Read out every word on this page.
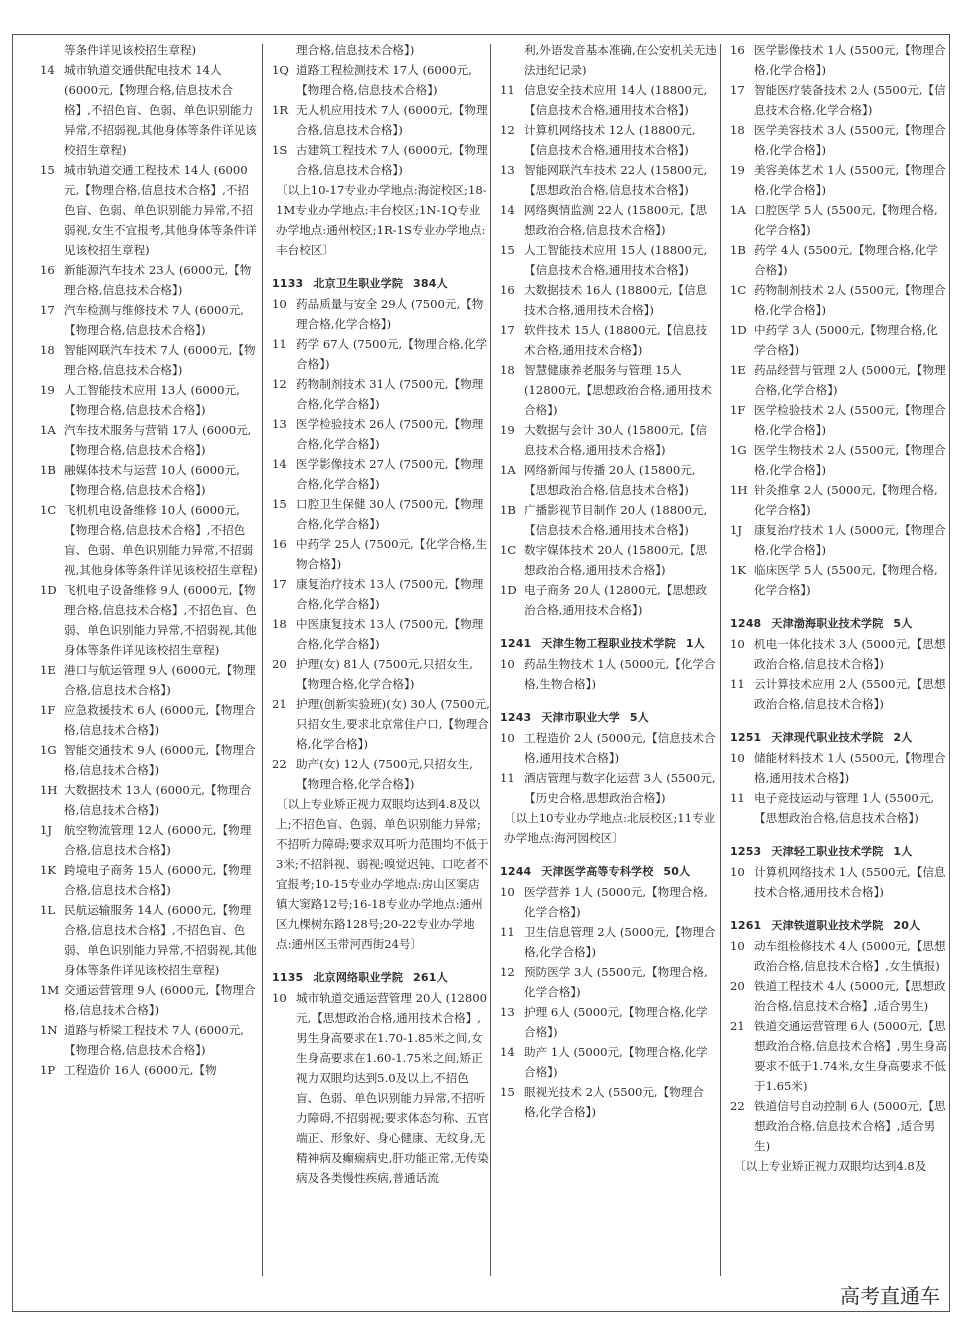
等条件详见该校招生章程)
14 城市轨道交通供配电技术 14人 (6000元,【物理合格,信息技术合格】,不招色盲、色弱、单色识别能力异常,不招弱视,其他身体等条件详见该校招生章程)
15 城市轨道交通工程技术 14人 (6000元,【物理合格,信息技术合格】,不招色盲、色弱、单色识别能力异常,不招弱视,女生不宜报考,其他身体等条件详见该校招生章程)
16 新能源汽车技术 23人 (6000元,【物理合格,信息技术合格】)
17 汽车检测与维修技术 7人 (6000元,【物理合格,信息技术合格】)
18 智能网联汽车技术 7人 (6000元,【物理合格,信息技术合格】)
19 人工智能技术应用 13人 (6000元,【物理合格,信息技术合格】)
1A 汽车技术服务与营销 17人 (6000元,【物理合格,信息技术合格】)
1B 融媒体技术与运营 10人 (6000元,【物理合格,信息技术合格】)
1C 飞机机电设备维修 10人 (6000元,【物理合格,信息技术合格】,不招色盲、色弱、单色识别能力异常,不招弱视,其他身体等条件详见该校招生章程)
1D 飞机电子设备维修 9人 (6000元,【物理合格,信息技术合格】,不招色盲、色弱、单色识别能力异常,不招弱视,其他身体等条件详见该校招生章程)
1E 港口与航运管理 9人 (6000元,【物理合格,信息技术合格】)
1F 应急救援技术 6人 (6000元,【物理合格,信息技术合格】)
1G 智能交通技术 9人 (6000元,【物理合格,信息技术合格】)
1H 大数据技术 13人 (6000元,【物理合格,信息技术合格】)
1J	航空物流管理 12人 (6000元,【物理合格,信息技术合格】)
1K 跨境电子商务 15人 (6000元,【物理合格,信息技术合格】)
1L 民航运输服务 14人 (6000元,【物理合格,信息技术合格】,不招色盲、色弱、单色识别能力异常,不招弱视,其他身体等条件详见该校招生章程)
1M 交通运营管理 9人 (6000元,【物理合格,信息技术合格】)
1N 道路与桥梁工程技术 7人 (6000元,【物理合格,信息技术合格】)
1P 工程造价 16人 (6000元,【物
理合格,信息技术合格】)
1Q 道路工程检测技术 17人 (6000元,【物理合格,信息技术合格】)
1R 无人机应用技术 7人 (6000元,【物理合格,信息技术合格】)
1S 古建筑工程技术 7人 (6000元,【物理合格,信息技术合格】)
〔以上10-17专业办学地点:海淀校区;18-1M专业办学地点:丰台校区;1N-1Q专业办学地点:通州校区;1R-1S专业办学地点:丰台校区〕
1133 北京卫生职业学院 384人
10 药品质量与安全 29人 (7500元,【物理合格,化学合格】)
11 药学 67人 (7500元,【物理合格,化学合格】)
12 药物制剂技术 31人 (7500元,【物理合格,化学合格】)
13 医学检验技术 26人 (7500元,【物理合格,化学合格】)
14 医学影像技术 27人 (7500元,【物理合格,化学合格】)
15 口腔卫生保健 30人 (7500元,【物理合格,化学合格】)
16 中药学 25人 (7500元,【化学合格,生物合格】)
17 康复治疗技术 13人 (7500元,【物理合格,化学合格】)
18 中医康复技术 13人 (7500元,【物理合格,化学合格】)
20 护理(女) 81人 (7500元,只招女生,【物理合格,化学合格】)
21 护理(创新实验班)(女) 30人 (7500元,只招女生,要求北京常住户口,【物理合格,化学合格】)
22 助产(女) 12人 (7500元,只招女生,【物理合格,化学合格】)
〔以上专业矫正视力双眼均达到4.8及以上;不招色盲、色弱、单色识别能力异常;不招听力障碍;要求双耳听力范围均不低于3米;不招斜视、弱视;嗅觉迟钝、口吃者不宜报考;10-15专业办学地点:房山区窦店镇大窦路12号;16-18专业办学地点:通州区九棵树东路128号;20-22专业办学地点:通州区玉带河西街24号〕
1135 北京网络职业学院 261人
10 城市轨道交通运营管理 20人 (12800元,【思想政治合格,通用技术合格】,男生身高要求在1.70-1.85米之间,女生身高要求在1.60-1.75米之间,矫正视力双眼均达到5.0及以上,不招色盲、色弱、单色识别能力异常,不招听力障碍,不招弱视;要求体态匀称、五官端正、形象好、身心健康、无纹身,无精神病及癫痫病史,肝功能正常,无传染病及各类慢性疾病,普通话流
利,外语发音基本准确,在公安机关无违法违纪记录)
11 信息安全技术应用 14人 (18800元,【信息技术合格,通用技术合格】)
12 计算机网络技术 12人 (18800元,【信息技术合格,通用技术合格】)
13 智能网联汽车技术 22人 (15800元,【思想政治合格,信息技术合格】)
14 网络舆情监测 22人 (15800元,【思想政治合格,信息技术合格】)
15 人工智能技术应用 15人 (18800元,【信息技术合格,通用技术合格】)
16 大数据技术 16人 (18800元,【信息技术合格,通用技术合格】)
17 软件技术 15人 (18800元,【信息技术合格,通用技术合格】)
18 智慧健康养老服务与管理 15人 (12800元,【思想政治合格,通用技术合格】)
19 大数据与会计 30人 (15800元,【信息技术合格,通用技术合格】)
1A 网络新闻与传播 20人 (15800元,【思想政治合格,信息技术合格】)
1B 广播影视节目制作 20人 (18800元,【信息技术合格,通用技术合格】)
1C 数字媒体技术 20人 (15800元,【思想政治合格,通用技术合格】)
1D 电子商务 20人 (12800元,【思想政治合格,通用技术合格】)
1241 天津生物工程职业技术学院 1人
10 药品生物技术 1人 (5000元,【化学合格,生物合格】)
1243 天津市职业大学 5人
10 工程造价 2人 (5000元,【信息技术合格,通用技术合格】)
11 酒店管理与数字化运营 3人 (5500元,【历史合格,思想政治合格】)
〔以上10专业办学地点:北辰校区;11专业办学地点:海河园校区〕
1244 天津医学高等专科学校 50人
10 医学营养 1人 (5000元,【物理合格,化学合格】)
11 卫生信息管理 2人 (5000元,【物理合格,化学合格】)
12 预防医学 3人 (5500元,【物理合格,化学合格】)
13 护理 6人 (5000元,【物理合格,化学合格】)
14 助产 1人 (5000元,【物理合格,化学合格】)
15 眼视光技术 2人 (5500元,【物理合格,化学合格】)
16 医学影像技术 1人 (5500元,【物理合格,化学合格】)
17 智能医疗装备技术 2人 (5500元,【信息技术合格,化学合格】)
18 医学美容技术 3人 (5500元,【物理合格,化学合格】)
19 美容美体艺术 1人 (5500元,【物理合格,化学合格】)
1A 口腔医学 5人 (5500元,【物理合格,化学合格】)
1B 药学 4人 (5500元,【物理合格,化学合格】)
1C 药物制剂技术 2人 (5500元,【物理合格,化学合格】)
1D 中药学 3人 (5000元,【物理合格,化学合格】)
1E 药品经营与管理 2人 (5000元,【物理合格,化学合格】)
1F 医学检验技术 2人 (5500元,【物理合格,化学合格】)
1G 医学生物技术 2人 (5500元,【物理合格,化学合格】)
1H 针灸推拿 2人 (5000元,【物理合格,化学合格】)
1J	康复治疗技术 1人 (5000元,【物理合格,化学合格】)
1K 临床医学 5人 (5500元,【物理合格,化学合格】)
1248 天津渤海职业技术学院 5人
10 机电一体化技术 3人 (5000元,【思想政治合格,信息技术合格】)
11 云计算技术应用 2人 (5500元,【思想政治合格,信息技术合格】)
1251 天津现代职业技术学院 2人
10 储能材料技术 1人 (5500元,【物理合格,通用技术合格】)
11 电子竞技运动与管理 1人 (5500元,【思想政治合格,信息技术合格】)
1253 天津轻工职业技术学院 1人
10 计算机网络技术 1人 (5500元,【信息技术合格,通用技术合格】)
1261 天津铁道职业技术学院 20人
10 动车组检修技术 4人 (5000元,【思想政治合格,信息技术合格】,女生慎报)
20 铁道工程技术 4人 (5000元,【思想政治合格,信息技术合格】,适合男生)
21 铁道交通运营管理 6人 (5000元,【思想政治合格,信息技术合格】,男生身高要求不低于1.74米,女生身高要求不低于1.65米)
22 铁道信号自动控制 6人 (5000元,【思想政治合格,信息技术合格】,适合男生)
〔以上专业矫正视力双眼均达到4.8及
高考直通车
